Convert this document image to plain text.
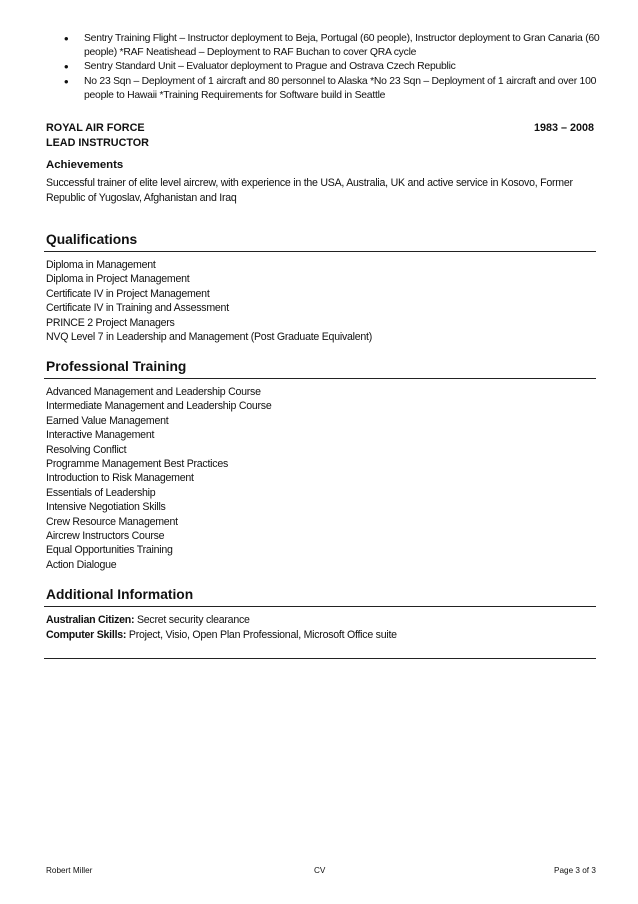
• Sentry Training Flight – Instructor deployment to Beja, Portugal (60 people), Instructor deployment to Gran Canaria (60 people) *RAF Neatishead – Deployment to RAF Buchan to cover QRA cycle
• Sentry Standard Unit – Evaluator deployment to Prague and Ostrava Czech Republic
• No 23 Sqn – Deployment of 1 aircraft and 80 personnel to Alaska *No 23 Sqn – Deployment of 1 aircraft and over 100 people to Hawaii *Training Requirements for Software build in Seattle
ROYAL AIR FORCE	1983 – 2008
LEAD INSTRUCTOR
Achievements
Successful trainer of elite level aircrew, with experience in the USA, Australia, UK and active service in Kosovo, Former Republic of Yugoslav, Afghanistan and Iraq
Qualifications
Diploma in Management
Diploma in Project Management
Certificate IV in Project Management
Certificate IV in Training and Assessment
PRINCE 2 Project Managers
NVQ Level 7 in Leadership and Management (Post Graduate Equivalent)
Professional Training
Advanced Management and Leadership Course
Intermediate Management and Leadership Course
Earned Value Management
Interactive Management
Resolving Conflict
Programme Management Best Practices
Introduction to Risk Management
Essentials of Leadership
Intensive Negotiation Skills
Crew Resource Management
Aircrew Instructors Course
Equal Opportunities Training
Action Dialogue
Additional Information
Australian Citizen: Secret security clearance
Computer Skills: Project, Visio, Open Plan Professional, Microsoft Office suite
Robert Miller	CV	Page 3 of 3
